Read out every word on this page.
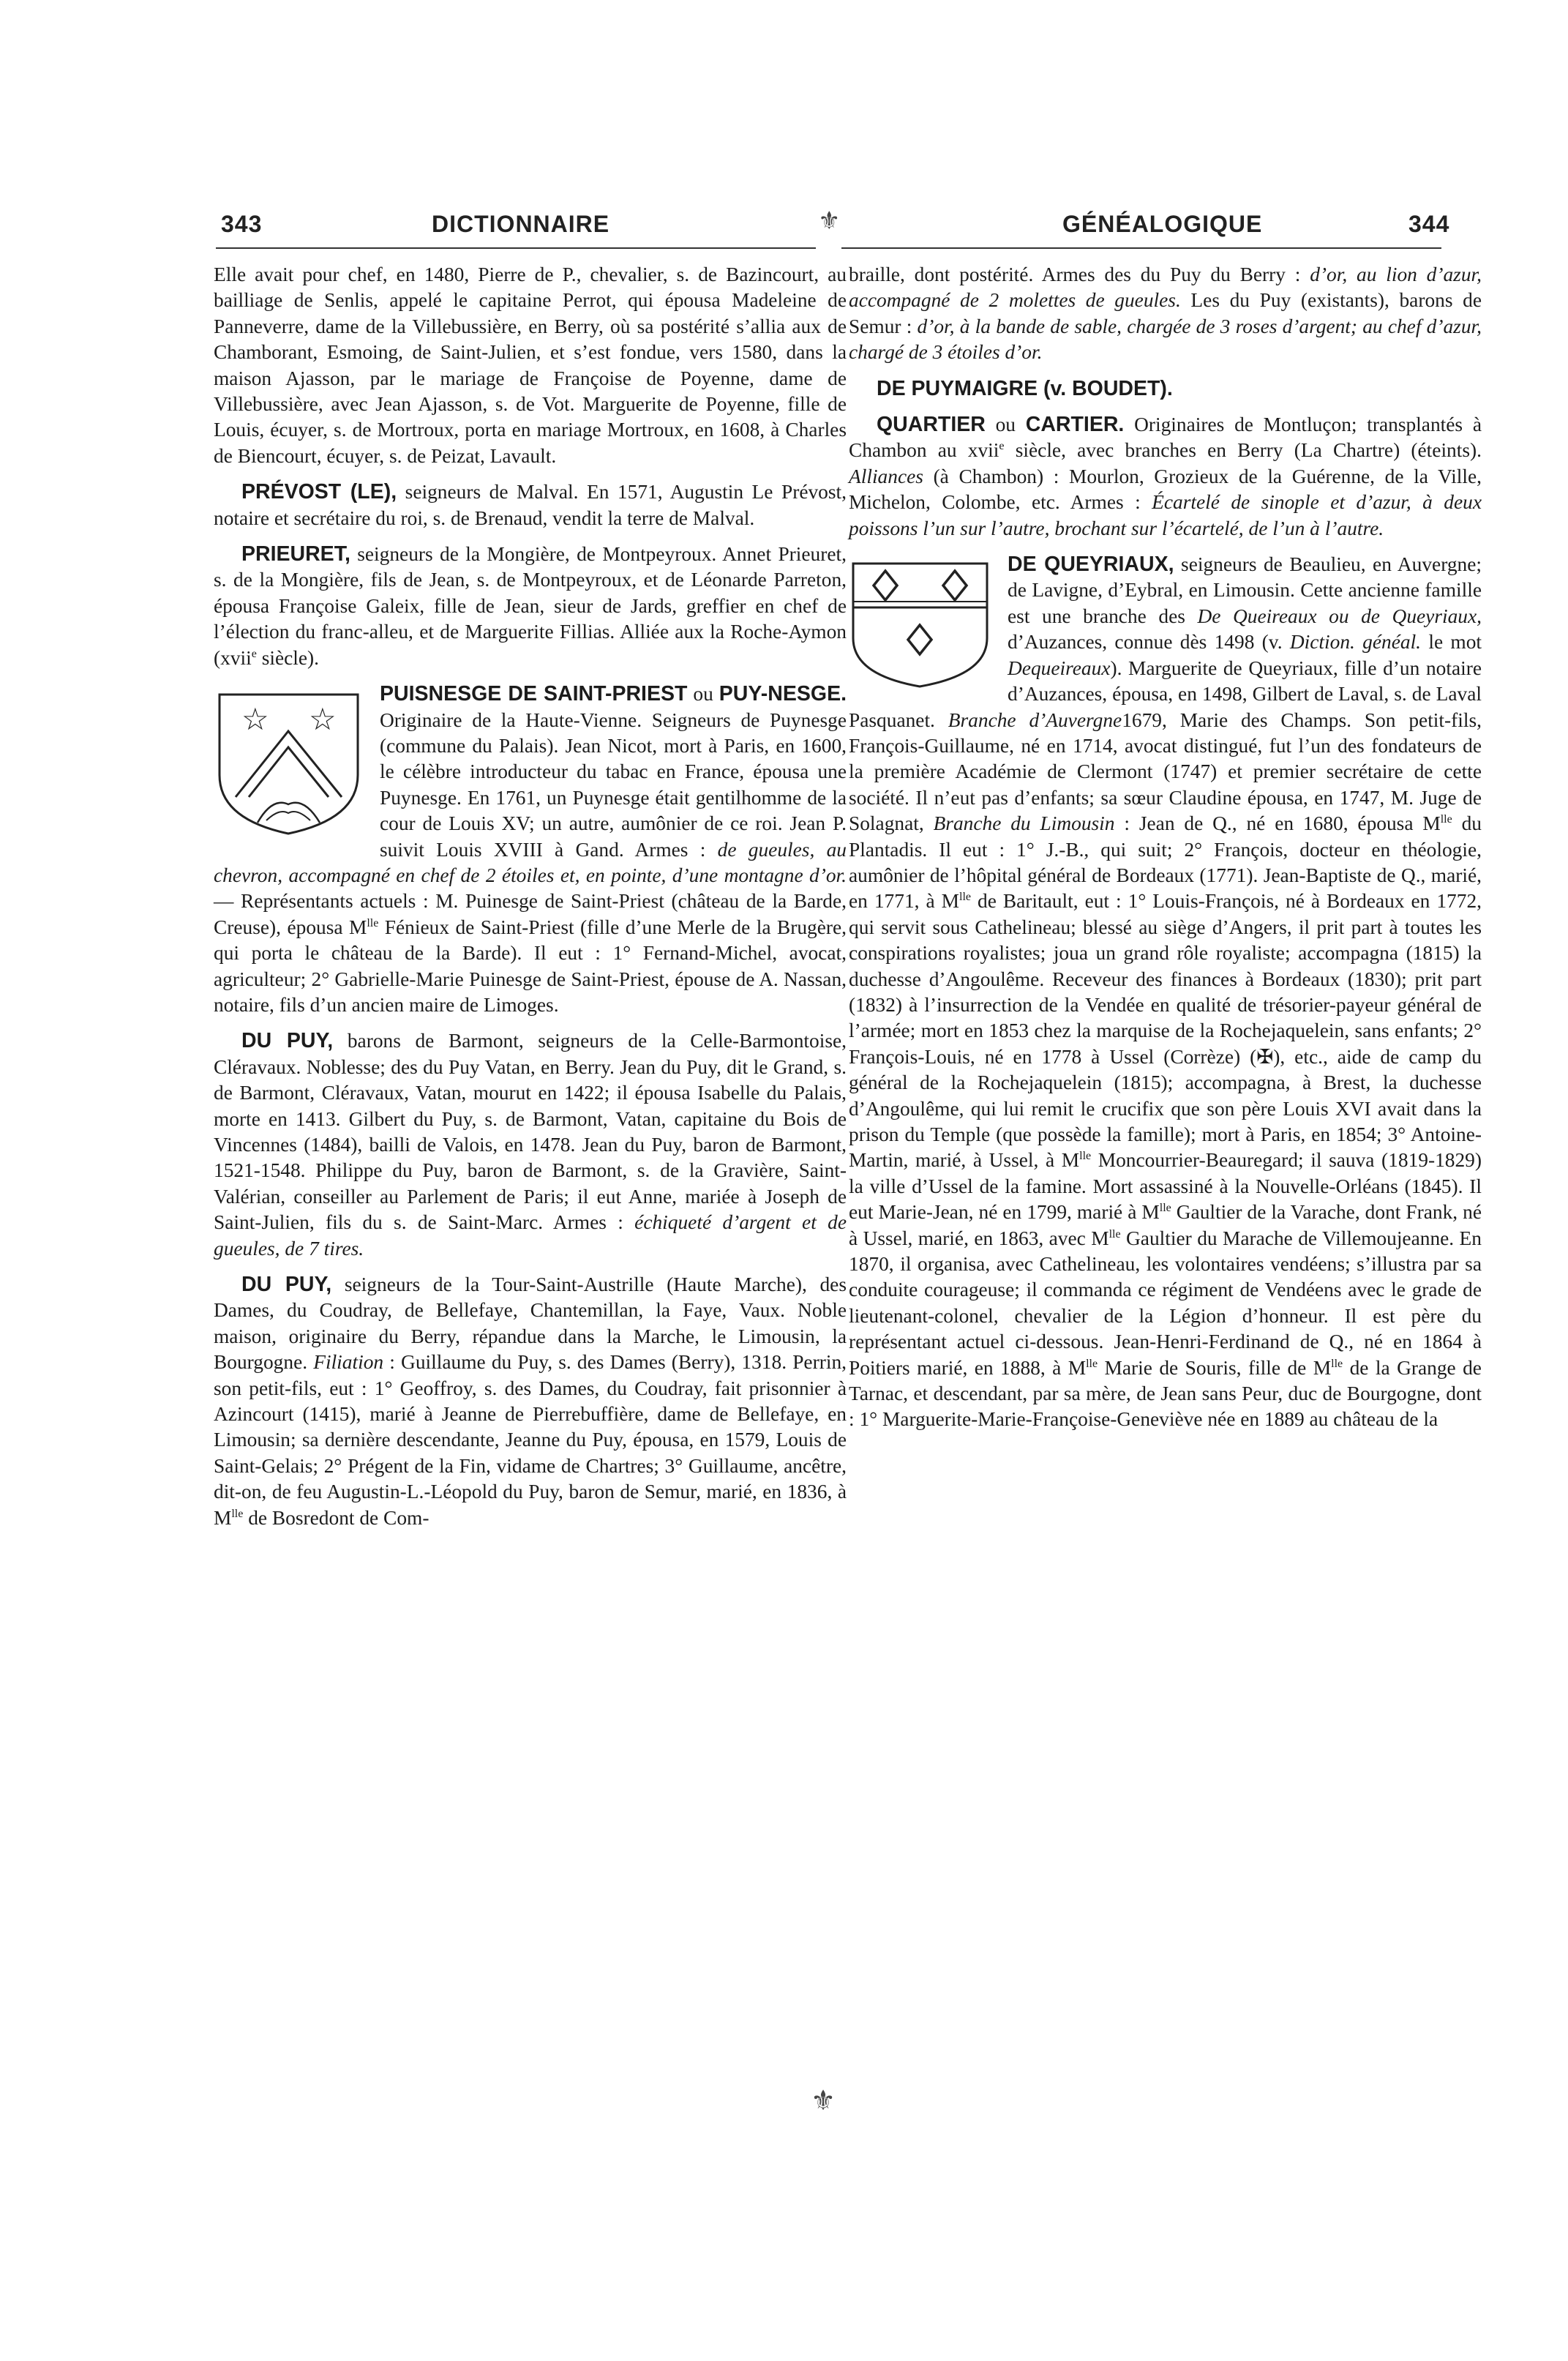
343	DICTIONNAIRE	⚜	GÉNÉALOGIQUE	344

Elle avait pour chef, en 1480, Pierre de P., chevalier, s. de Bazincourt, au bailliage de Senlis, appelé le capitaine Perrot, qui épousa Madeleine de Panneverre, dame de la Villebussière, en Berry, où sa postérité s’allia aux de Chamborant, Esmoing, de Saint-Julien, et s’est fondue, vers 1580, dans la maison Ajasson, par le mariage de Françoise de Poyenne, dame de Villebussière, avec Jean Ajasson, s. de Vot. Marguerite de Poyenne, fille de Louis, écuyer, s. de Mortroux, porta en mariage Mortroux, en 1608, à Charles de Biencourt, écuyer, s. de Peizat, Lavault.

PRÉVOST (LE), seigneurs de Malval. En 1571, Augustin Le Prévost, notaire et secrétaire du roi, s. de Brenaud, vendit la terre de Malval.

PRIEURET, seigneurs de la Mongière, de Montpeyroux. Annet Prieuret, s. de la Mongière, fils de Jean, s. de Montpeyroux, et de Léonarde Parreton, épousa Françoise Galeix, fille de Jean, sieur de Jards, greffier en chef de l’élection du franc-alleu, et de Marguerite Fillias. Alliée aux la Roche-Aymon (xvii$^e$ siècle).

☆ ☆
PUISNESGE DE SAINT-PRIEST ou PUY-NESGE. Originaire de la Haute-Vienne. Seigneurs de Puynesge (commune du Palais). Jean Nicot, mort à Paris, en 1600, le célèbre introducteur du tabac en France, épousa une Puynesge. En 1761, un Puynesge était gentilhomme de la cour de Louis XV; un autre, aumônier de ce roi. Jean P. suivit Louis XVIII à Gand. Armes : de gueules, au chevron, accompagné en chef de 2 étoiles et, en pointe, d’une montagne d’or. — Représentants actuels : M. Puinesge de Saint-Priest (château de la Barde, Creuse), épousa $M^{lle}$ Fénieux de Saint-Priest (fille d’une Merle de la Brugère, qui porta le château de la Barde). Il eut : 1° Fernand-Michel, avocat, agriculteur; 2° Gabrielle-Marie Puinesge de Saint-Priest, épouse de A. Nassan, notaire, fils d’un ancien maire de Limoges.

DU PUY, barons de Barmont, seigneurs de la Celle-Barmontoise, Cléravaux. Noblesse; des du Puy Vatan, en Berry. Jean du Puy, dit le Grand, s. de Barmont, Cléravaux, Vatan, mourut en 1422; il épousa Isabelle du Palais, morte en 1413. Gilbert du Puy, s. de Barmont, Vatan, capitaine du Bois de Vincennes (1484), bailli de Valois, en 1478. Jean du Puy, baron de Barmont, 1521-1548. Philippe du Puy, baron de Barmont, s. de la Gravière, Saint-Valérian, conseiller au Parlement de Paris; il eut Anne, mariée à Joseph de Saint-Julien, fils du s. de Saint-Marc. Armes : échiqueté d’argent et de gueules, de 7 tires.

DU PUY, seigneurs de la Tour-Saint-Austrille (Haute Marche), des Dames, du Coudray, de Bellefaye, Chantemillan, la Faye, Vaux. Noble maison, originaire du Berry, répandue dans la Marche, le Limousin, la Bourgogne. Filiation : Guillaume du Puy, s. des Dames (Berry), 1318. Perrin, son petit-fils, eut : 1° Geoffroy, s. des Dames, du Coudray, fait prisonnier à Azincourt (1415), marié à Jeanne de Pierrebuffière, dame de Bellefaye, en Limousin; sa dernière descendante, Jeanne du Puy, épousa, en 1579, Louis de Saint-Gelais; 2° Prégent de la Fin, vidame de Chartres; 3° Guillaume, ancêtre, dit-on, de feu Augustin-L.-Léopold du Puy, baron de Semur, marié, en 1836, à $M^{lle}$ de Bosredont de Com-

⚜

braille, dont postérité. Armes des du Puy du Berry : d’or, au lion d’azur, accompagné de 2 molettes de gueules. Les du Puy (existants), barons de Semur : d’or, à la bande de sable, chargée de 3 roses d’argent; au chef d’azur, chargé de 3 étoiles d’or.

DE PUYMAIGRE (v. BOUDET).

QUARTIER ou CARTIER. Originaires de Montluçon; transplantés à Chambon au xvii$^e$ siècle, avec branches en Berry (La Chartre) (éteints). Alliances (à Chambon) : Mourlon, Grozieux de la Guérenne, de la Ville, Michelon, Colombe, etc. Armes : Écartelé de sinople et d’azur, à deux poissons l’un sur l’autre, brochant sur l’écartelé, de l’un à l’autre.

DE QUEYRIAUX, seigneurs de Beaulieu, en Auvergne; de Lavigne, d’Eybral, en Limousin. Cette ancienne famille est une branche des De Queireaux ou de Queyriaux, d’Auzances, connue dès 1498 (v. Diction. généal. le mot Dequeireaux). Marguerite de Queyriaux, fille d’un notaire d’Auzances, épousa, en 1498, Gilbert de Laval, s. de Laval Pasquanet. Branche d’Auvergne1679, Marie des Champs. Son petit-fils, François-Guillaume, né en 1714, avocat distingué, fut l’un des fondateurs de la première Académie de Clermont (1747) et premier secrétaire de cette société. Il n’eut pas d’enfants; sa sœur Claudine épousa, en 1747, M. Juge de Solagnat, Branche du Limousin : Jean de Q., né en 1680, épousa $M^{lle}$ du Plantadis. Il eut : 1° J.-B., qui suit; 2° François, docteur en théologie, aumônier de l’hôpital général de Bordeaux (1771). Jean-Baptiste de Q., marié, en 1771, à $M^{lle}$ de Baritault, eut : 1° Louis-François, né à Bordeaux en 1772, qui servit sous Cathelineau; blessé au siège d’Angers, il prit part à toutes les conspirations royalistes; joua un grand rôle royaliste; accompagna (1815) la duchesse d’Angoulême. Receveur des finances à Bordeaux (1830); prit part (1832) à l’insurrection de la Vendée en qualité de trésorier-payeur général de l’armée; mort en 1853 chez la marquise de la Rochejaquelein, sans enfants; 2° François-Louis, né en 1778 à Ussel (Corrèze) (✠), etc., aide de camp du général de la Rochejaquelein (1815); accompagna, à Brest, la duchesse d’Angoulême, qui lui remit le crucifix que son père Louis XVI avait dans la prison du Temple (que possède la famille); mort à Paris, en 1854; 3° Antoine-Martin, marié, à Ussel, à $M^{lle}$ Moncourrier-Beauregard; il sauva (1819-1829) la ville d’Ussel de la famine. Mort assassiné à la Nouvelle-Orléans (1845). Il eut Marie-Jean, né en 1799, marié à $M^{lle}$ Gaultier de la Varache, dont Frank, né à Ussel, marié, en 1863, avec $M^{lle}$ Gaultier du Marache de Villemoujeanne. En 1870, il organisa, avec Cathelineau, les volontaires vendéens; s’illustra par sa conduite courageuse; il commanda ce régiment de Vendéens avec le grade de lieutenant-colonel, chevalier de la Légion d’honneur. Il est père du représentant actuel ci-dessous. Jean-Henri-Ferdinand de Q., né en 1864 à Poitiers marié, en 1888, à $M^{lle}$ Marie de Souris, fille de $M^{lle}$ de la Grange de Tarnac, et descendant, par sa mère, de Jean sans Peur, duc de Bourgogne, dont : 1° Marguerite-Marie-Françoise-Geneviève née en 1889 au château de la
